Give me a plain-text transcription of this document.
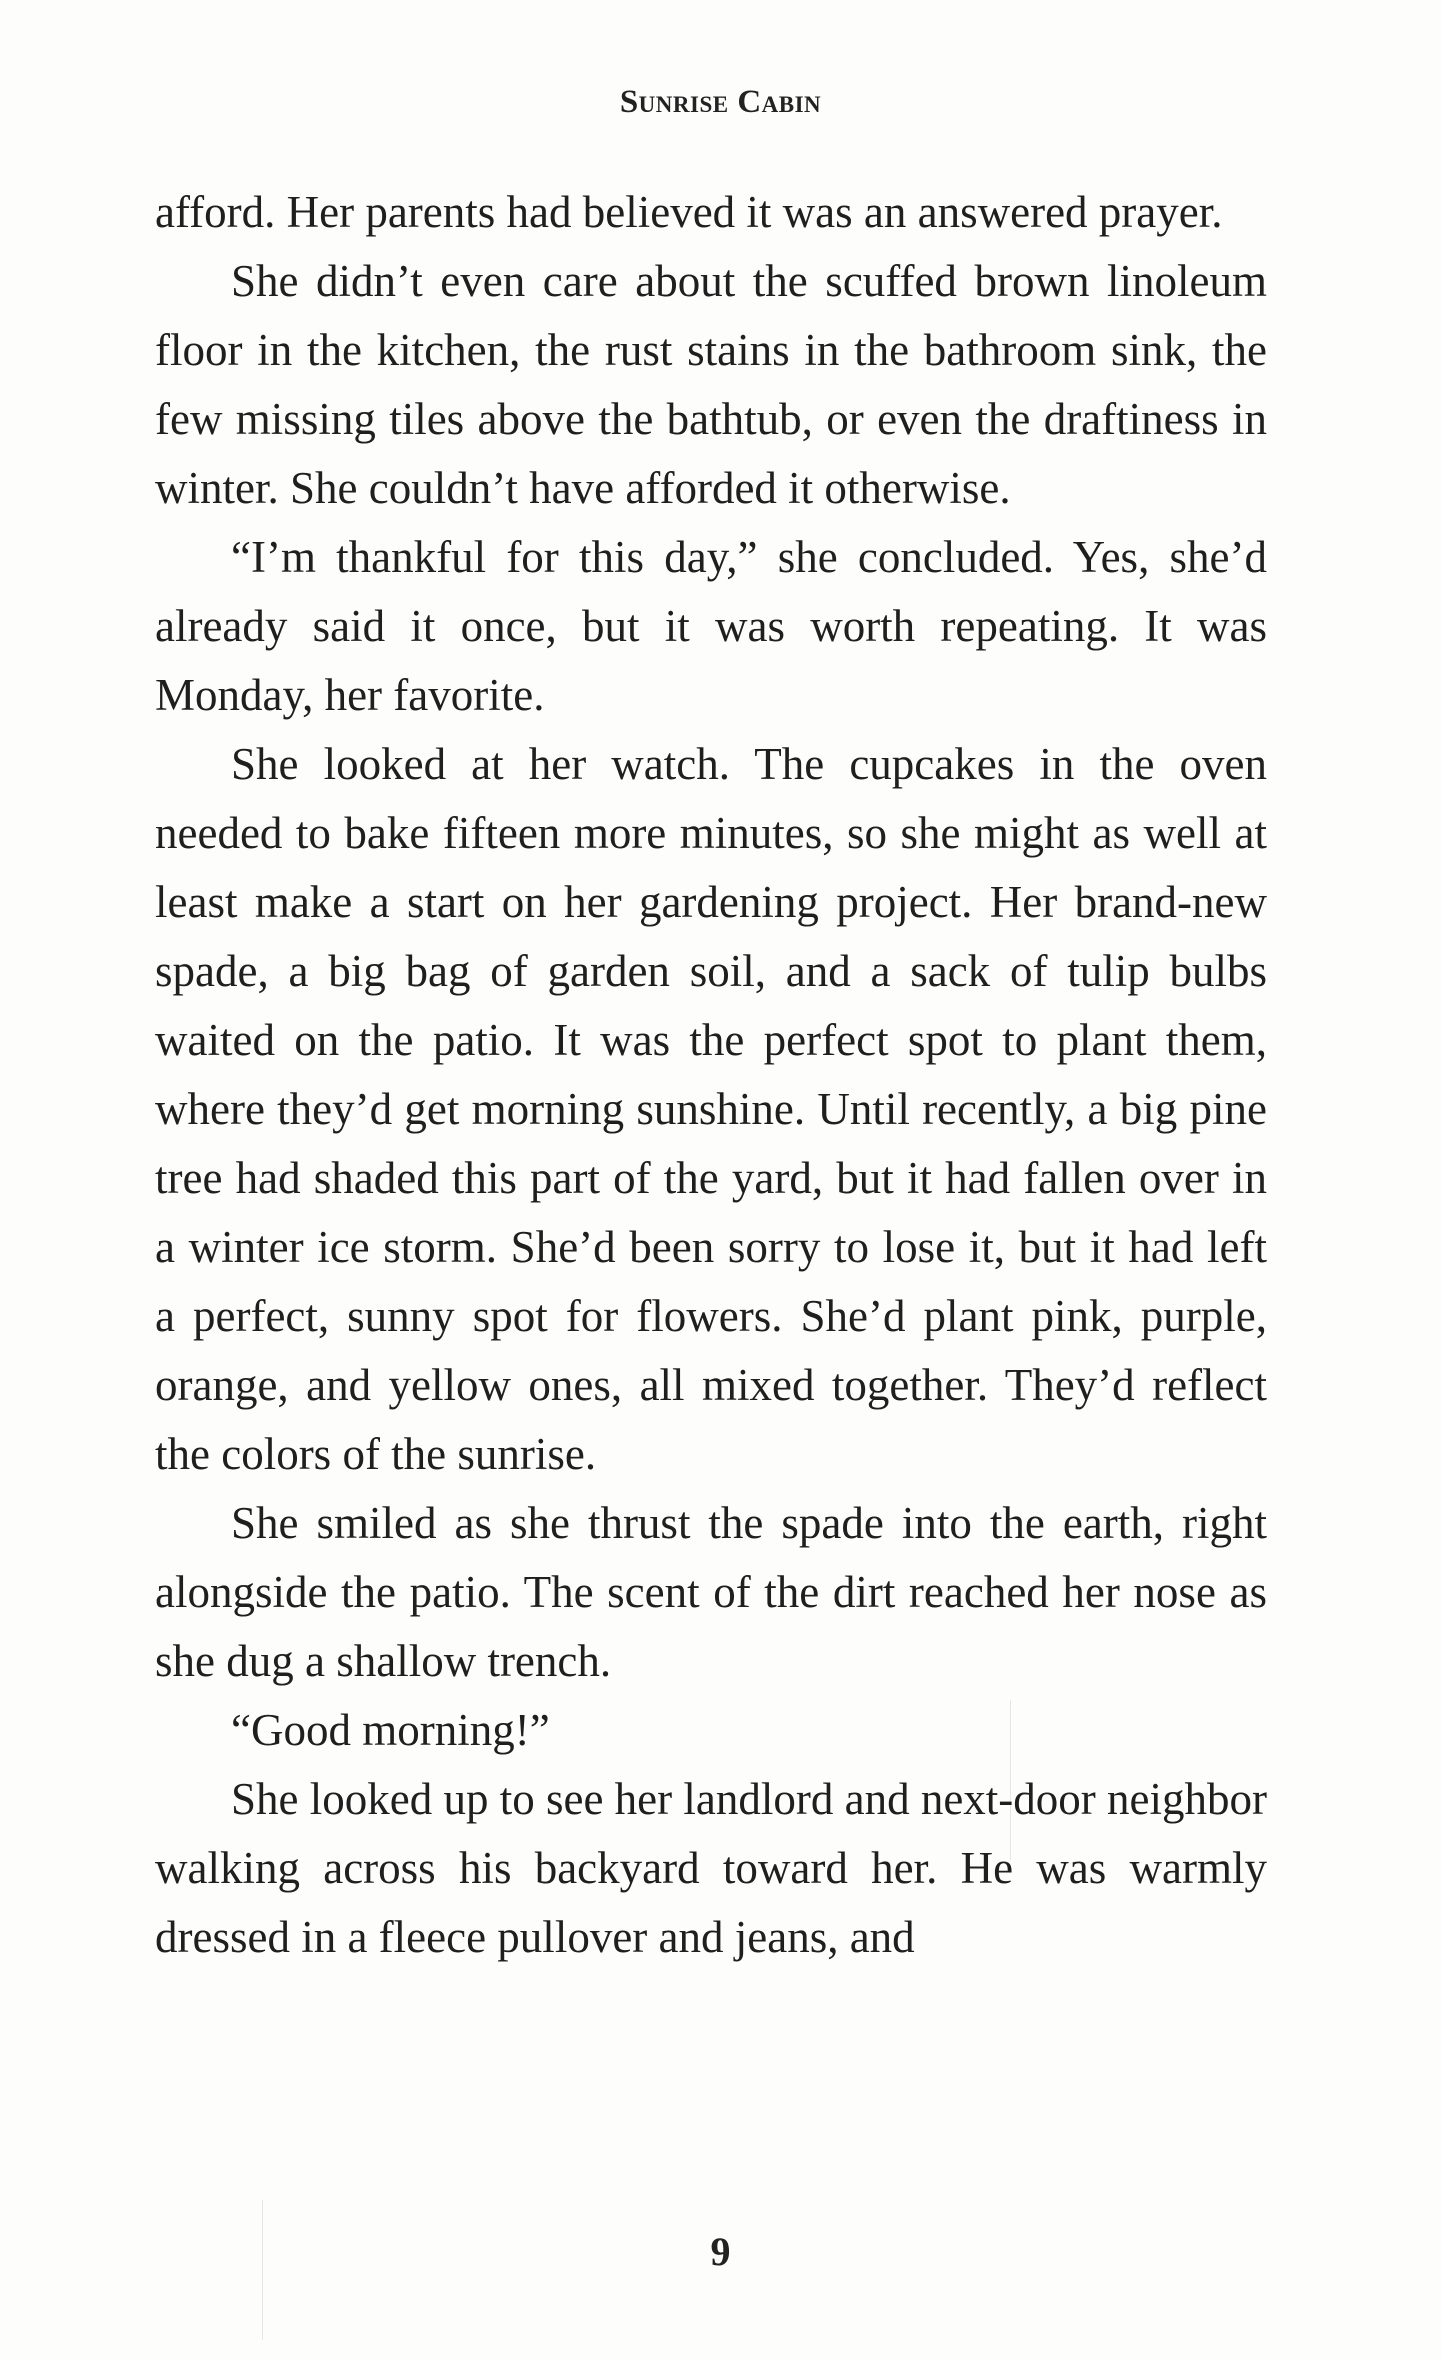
Sunrise Cabin

afford. Her parents had believed it was an answered prayer.

She didn’t even care about the scuffed brown linoleum floor in the kitchen, the rust stains in the bathroom sink, the few missing tiles above the bathtub, or even the draftiness in winter. She couldn’t have afforded it otherwise.

“I’m thankful for this day,” she concluded. Yes, she’d already said it once, but it was worth repeating. It was Monday, her favorite.

She looked at her watch. The cupcakes in the oven needed to bake fifteen more minutes, so she might as well at least make a start on her gardening project. Her brand-new spade, a big bag of garden soil, and a sack of tulip bulbs waited on the patio. It was the perfect spot to plant them, where they’d get morning sunshine. Until recently, a big pine tree had shaded this part of the yard, but it had fallen over in a winter ice storm. She’d been sorry to lose it, but it had left a perfect, sunny spot for flowers. She’d plant pink, purple, orange, and yellow ones, all mixed together. They’d reflect the colors of the sunrise.

She smiled as she thrust the spade into the earth, right alongside the patio. The scent of the dirt reached her nose as she dug a shallow trench.

“Good morning!”

She looked up to see her landlord and next-door neighbor walking across his backyard toward her. He was warmly dressed in a fleece pullover and jeans, and

9
